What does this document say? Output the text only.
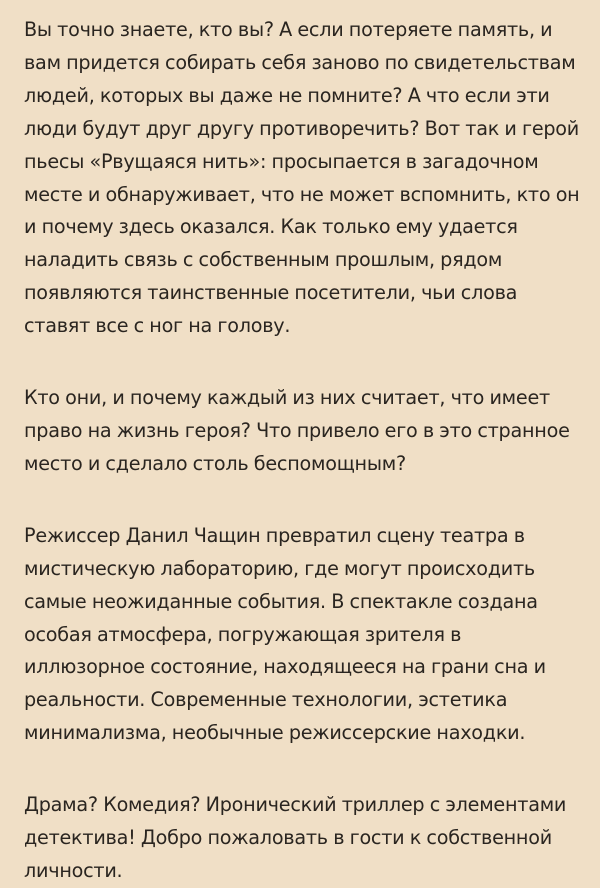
Вы точно знаете, кто вы? А если потеряете память, и вам придется собирать себя заново по свидетельствам людей, которых вы даже не помните? А что если эти люди будут друг другу противоречить? Вот так и герой пьесы «Рвущаяся нить»: просыпается в загадочном месте и обнаруживает, что не может вспомнить, кто он и почему здесь оказался. Как только ему удается наладить связь с собственным прошлым, рядом появляются таинственные посетители, чьи слова ставят все с ног на голову.

Кто они, и почему каждый из них считает, что имеет право на жизнь героя? Что привело его в это странное место и сделало столь беспомощным?

Режиссер Данил Чащин превратил сцену театра в мистическую лабораторию, где могут происходить самые неожиданные события. В спектакле создана особая атмосфера, погружающая зрителя в иллюзорное состояние, находящееся на грани сна и реальности. Современные технологии, эстетика минимализма, необычные режиссерские находки.

Драма? Комедия? Иронический триллер с элементами детектива! Добро пожаловать в гости к собственной личности.
